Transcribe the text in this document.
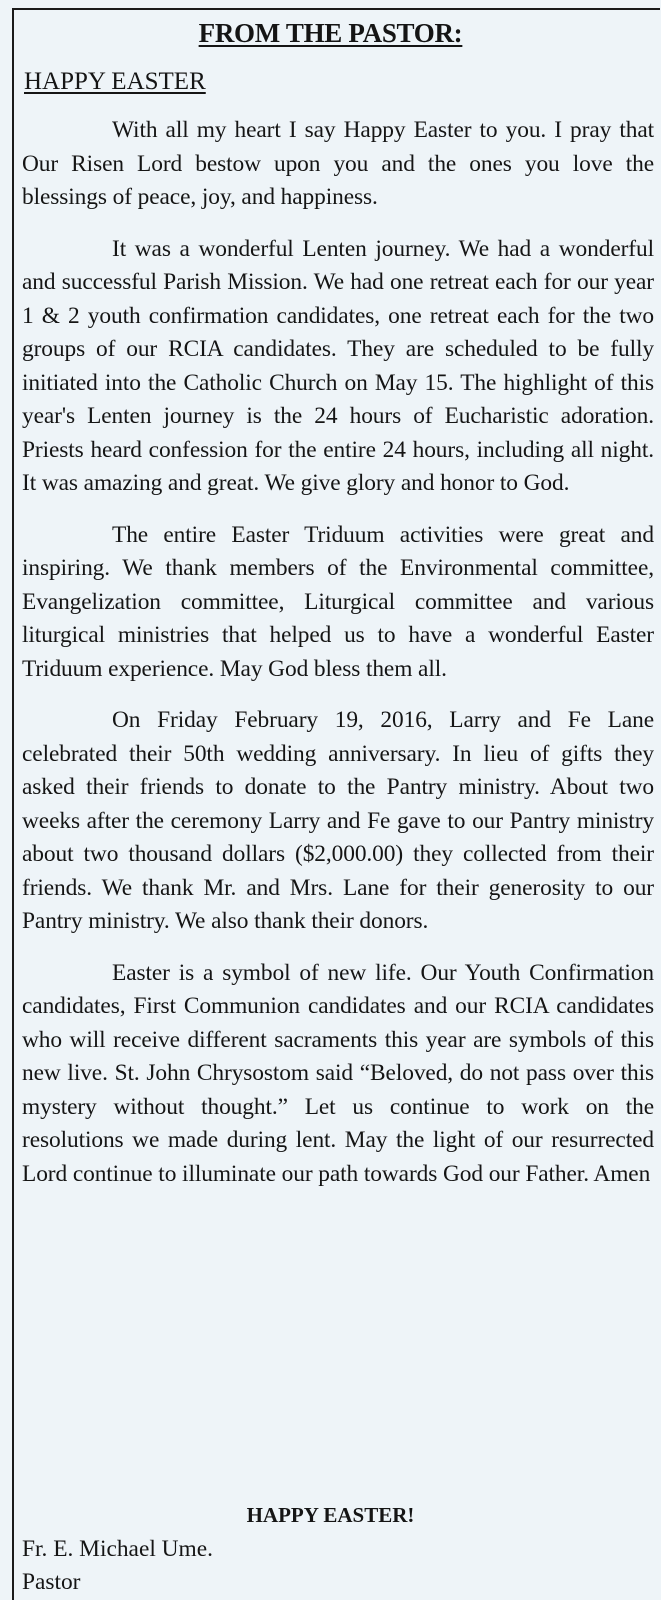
FROM THE PASTOR:
HAPPY EASTER

With all my heart I say Happy Easter to you. I pray that Our Risen Lord bestow upon you and the ones you love the blessings of peace, joy, and happiness.

It was a wonderful Lenten journey. We had a wonderful and successful Parish Mission. We had one retreat each for our year 1 & 2 youth confirmation candidates, one retreat each for the two groups of our RCIA candidates. They are scheduled to be fully initiated into the Catholic Church on May 15. The highlight of this year's Lenten journey is the 24 hours of Eucharistic adoration. Priests heard confession for the entire 24 hours, including all night. It was amazing and great. We give glory and honor to God.

The entire Easter Triduum activities were great and inspiring. We thank members of the Environmental committee, Evangelization committee, Liturgical committee and various liturgical ministries that helped us to have a wonderful Easter Triduum experience. May God bless them all.

On Friday February 19, 2016, Larry and Fe Lane celebrated their 50th wedding anniversary. In lieu of gifts they asked their friends to donate to the Pantry ministry. About two weeks after the ceremony Larry and Fe gave to our Pantry ministry about two thousand dollars ($2,000.00) they collected from their friends. We thank Mr. and Mrs. Lane for their generosity to our Pantry ministry. We also thank their donors.

Easter is a symbol of new life. Our Youth Confirmation candidates, First Communion candidates and our RCIA candidates who will receive different sacraments this year are symbols of this new live. St. John Chrysostom said “Beloved, do not pass over this mystery without thought.” Let us continue to work on the resolutions we made during lent. May the light of our resurrected Lord continue to illuminate our path towards God our Father. Amen

HAPPY EASTER!
Fr. E. Michael Ume.
Pastor
